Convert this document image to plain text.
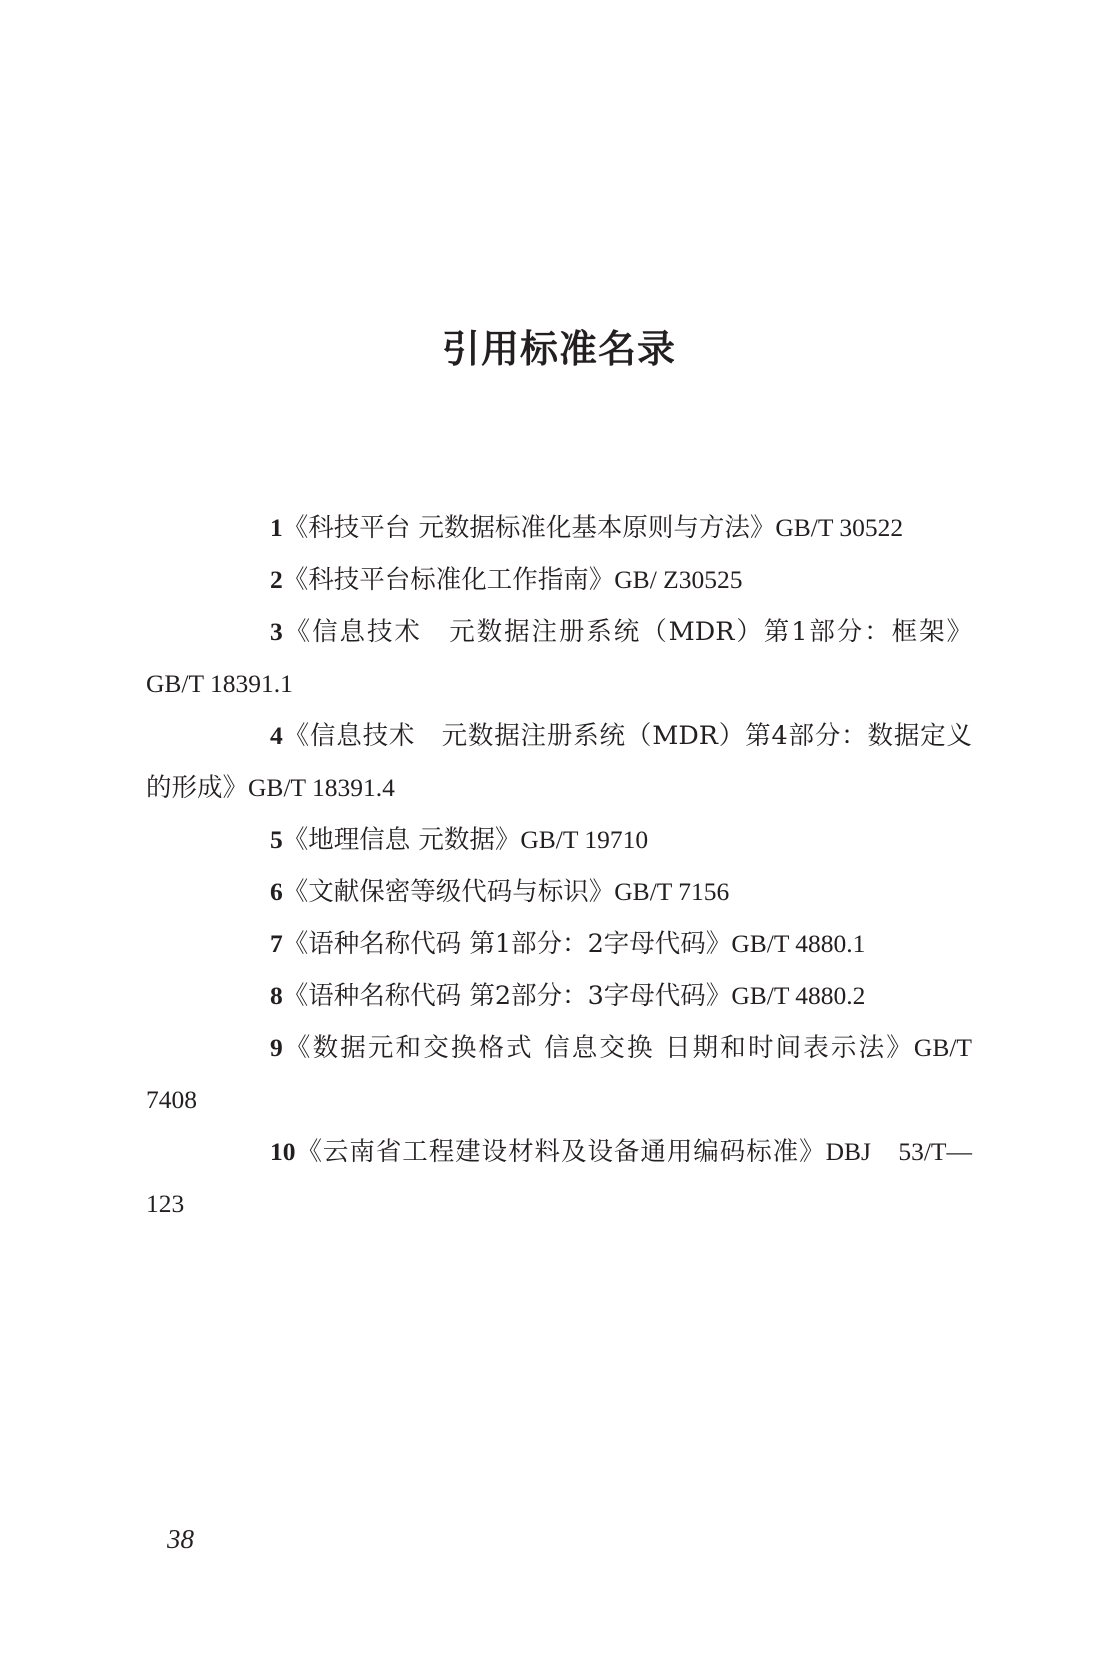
引用标准名录

1《科技平台 元数据标准化基本原则与方法》GB/T 30522

2《科技平台标准化工作指南》GB/ Z30525

3《信息技术　元数据注册系统（MDR）第1部分：框架》GB/T 18391.1

4《信息技术　元数据注册系统（MDR）第4部分：数据定义的形成》GB/T 18391.4

5《地理信息 元数据》GB/T 19710

6《文献保密等级代码与标识》GB/T 7156

7《语种名称代码 第1部分：2字母代码》GB/T 4880.1

8《语种名称代码 第2部分：3字母代码》GB/T 4880.2

9《数据元和交换格式 信息交换 日期和时间表示法》GB/T 7408

10《云南省工程建设材料及设备通用编码标准》DBJ　53/T—123

38
